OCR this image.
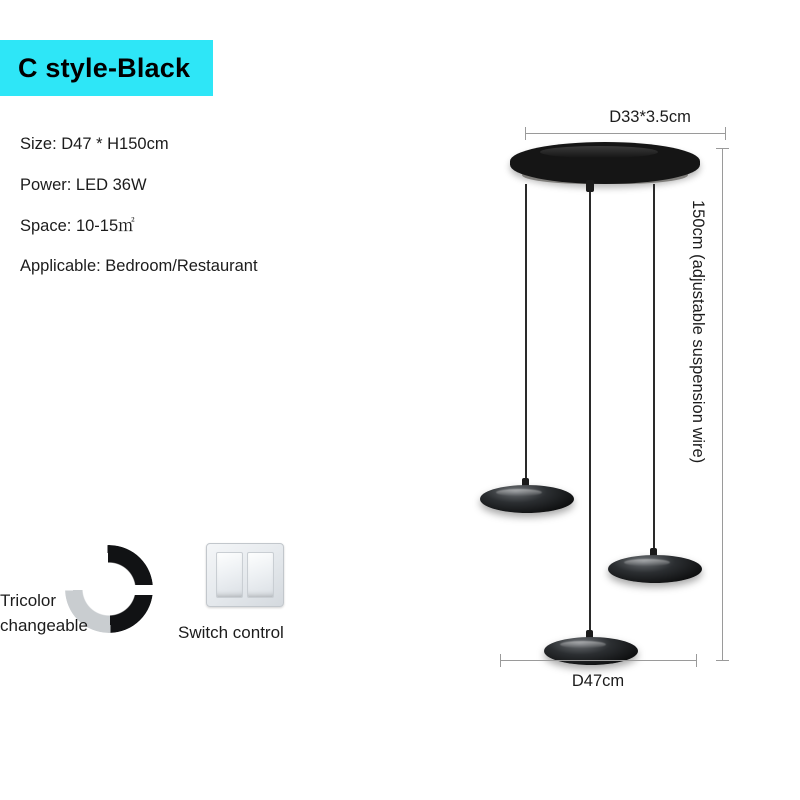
C style-Black
Size: D47 * H150cm
Power: LED 36W
Space: 10-15㎡
Applicable: Bedroom/Restaurant
Tricolor
changeable	Switch control
D33*3.5cm
150cm (adjustable suspension wire)
D47cm
